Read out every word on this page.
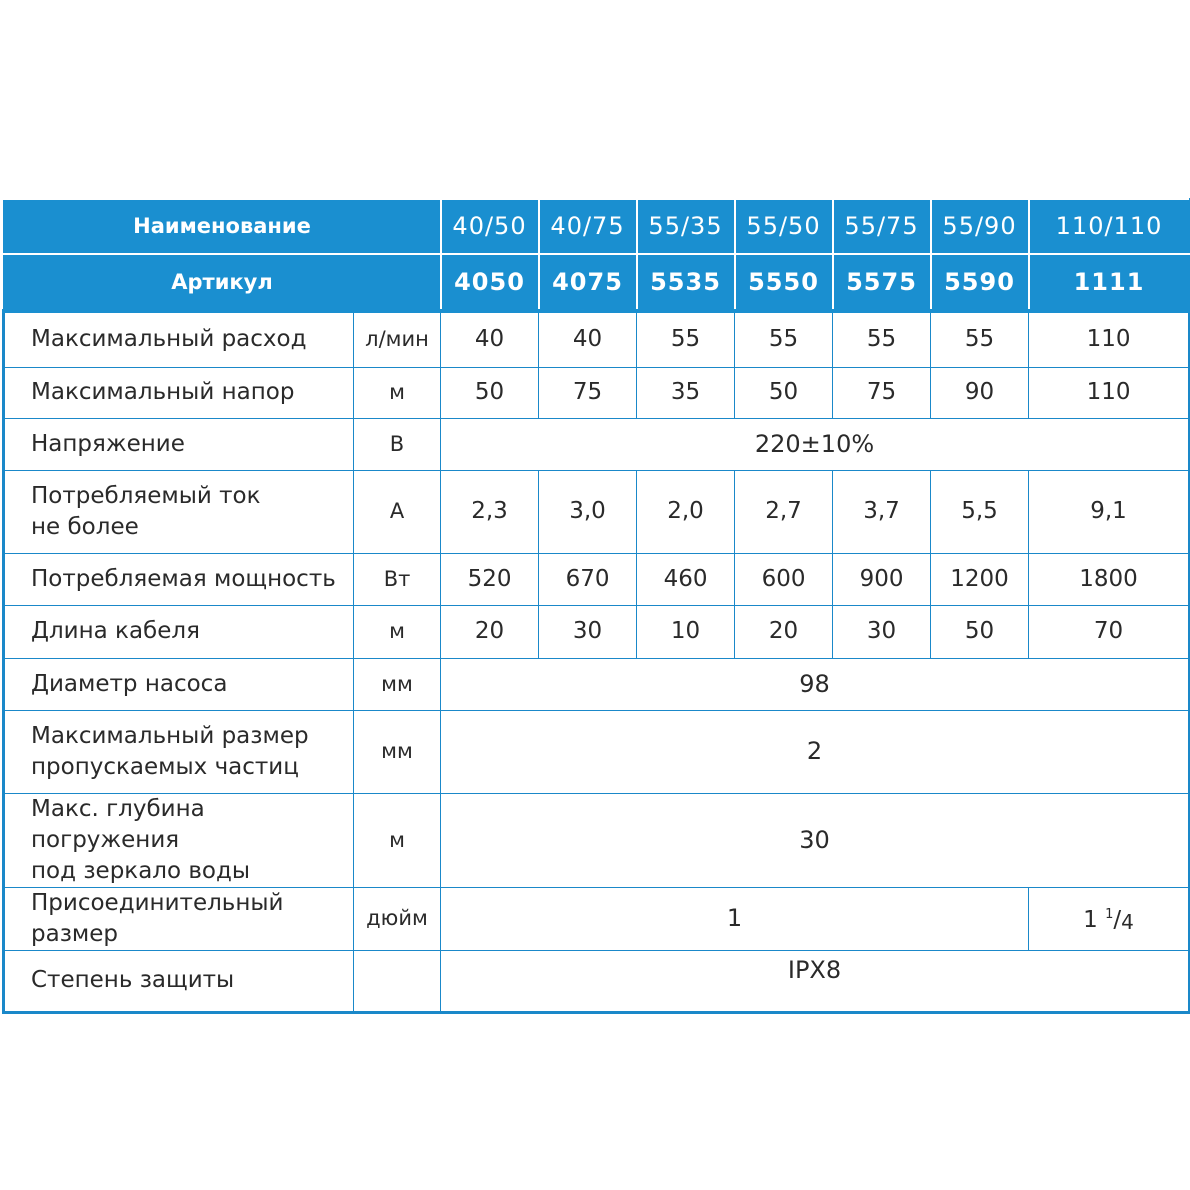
Наименование		40/50	40/75	55/35	55/50	55/75	55/90	110/110
Артикул		4050	4075	5535	5550	5575	5590	1111
Максимальный расход	л/мин	40	40	55	55	55	55	110
Максимальный напор	м	50	75	35	50	75	90	110
Напряжение	В	220±10%						

Потребляемый ток
не более	А	2,3	3,0	2,0	2,7	3,7	5,5	9,1
Потребляемая мощность	Вт	520	670	460	600	900	1200	1800
Длина кабеля	м	20	30	10	20	30	50	70
Диаметр насоса	мм	98						

Максимальный размер
пропускаемых частиц	мм	2						

Макс. глубина погружения
под зеркало воды	м	30						
Присоединительный размер	дюйм	1						1 $^1$/4
Степень защиты		IPX8						
